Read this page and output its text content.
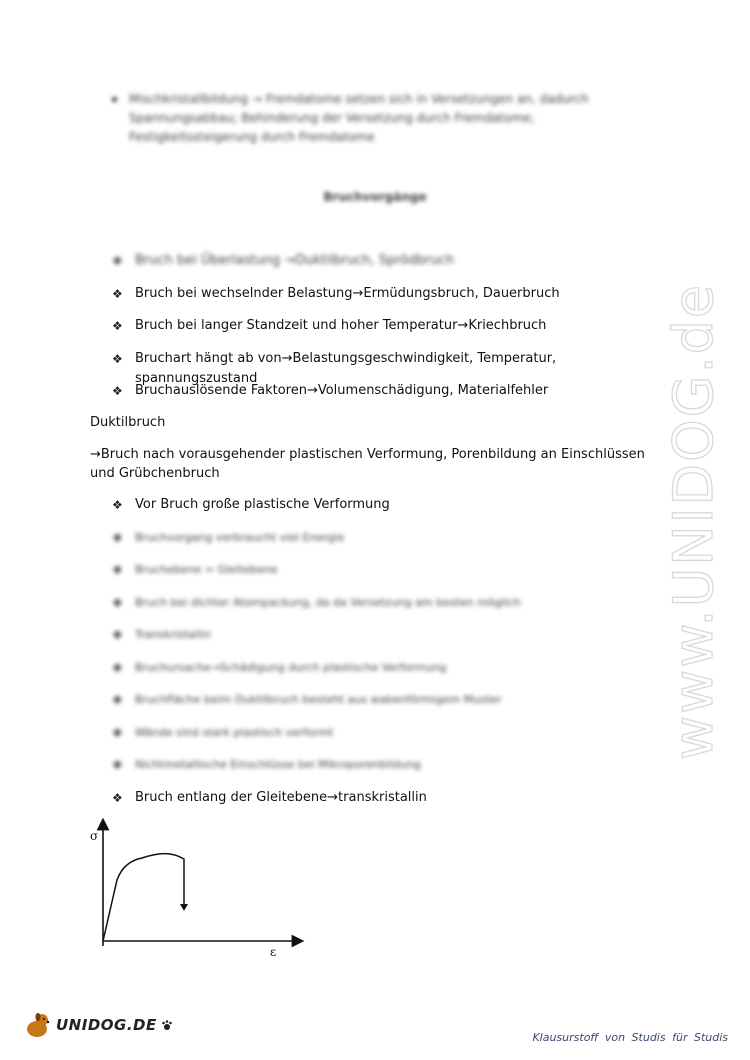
www.UNIDOG.de
Mischkristallbildung → Fremdatome setzen sich in Versetzungen an, dadurch Spannungsabbau; Behinderung der Versetzung durch Fremdatome; Festigkeitssteigerung durch Fremdatome
Bruchvorgänge
❖ Bruch bei Überlastung →Duktilbruch, Sprödbruch
❖ Bruch bei wechselnder Belastung→Ermüdungsbruch, Dauerbruch
❖ Bruch bei langer Standzeit und hoher Temperatur→Kriechbruch
❖ Bruchart hängt ab von→Belastungsgeschwindigkeit, Temperatur, spannungszustand
❖ Bruchauslösende Faktoren→Volumenschädigung, Materialfehler
Duktilbruch
→Bruch nach vorausgehender plastischen Verformung, Porenbildung an Einschlüssen und Grübchenbruch
❖ Vor Bruch große plastische Verformung
❖	Bruchvorgang verbraucht viel Energie
❖	Bruchebene = Gleitebene
❖	Bruch bei dichter Atompackung, da da Versetzung am besten möglich
❖	Transkristallin
❖	Bruchursache→Schädigung durch plastische Verformung
❖	Bruchfläche beim Duktilbruch besteht aus wabenförmigem Muster
❖	Wände sind stark plastisch verformt
❖	Nichtmetallische Einschlüsse bei Mikroporenbildung
❖ Bruch entlang der Gleitebene→transkristallin
σ
ε
UNIDOG.DE
Klausurstoff von Studis für Studis
